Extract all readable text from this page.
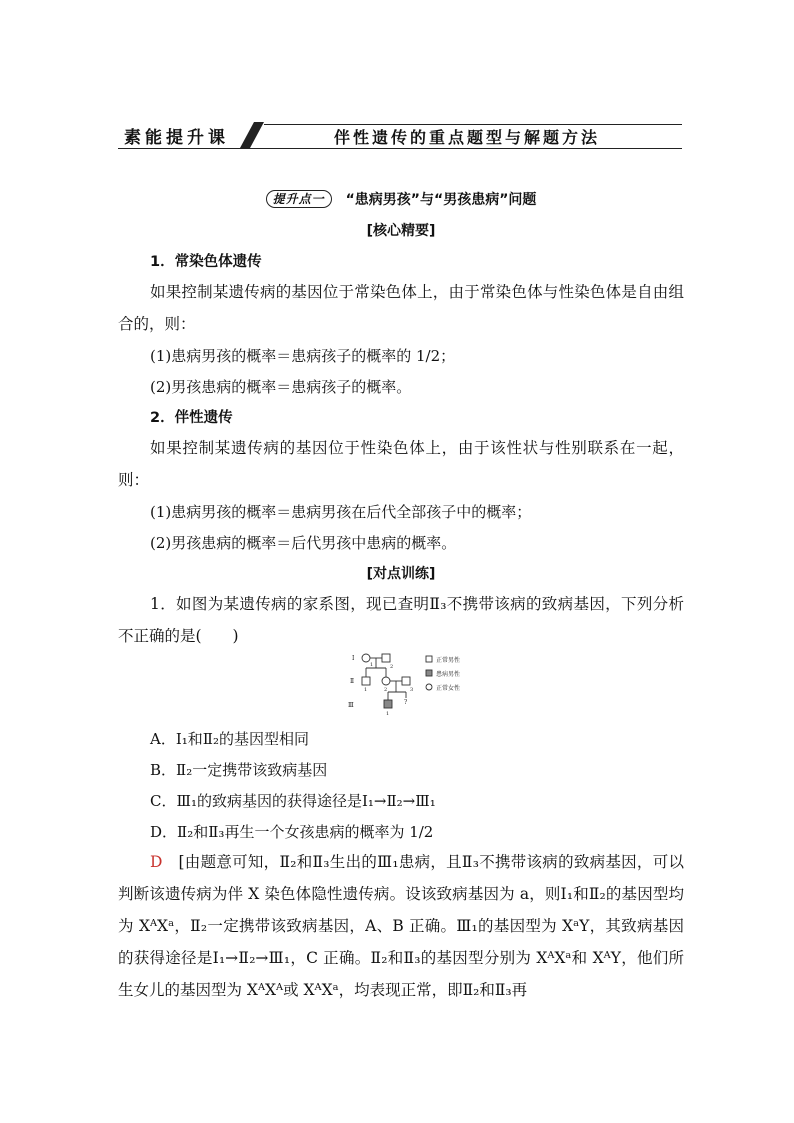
素能提升课	伴性遗传的重点题型与解题方法
提升点一 “患病男孩”与“男孩患病”问题
[核心精要]
1．常染色体遗传
如果控制某遗传病的基因位于常染色体上，由于常染色体与性染色体是自由组合的，则：
(1)患病男孩的概率＝患病孩子的概率的 1/2；
(2)男孩患病的概率＝患病孩子的概率。
2．伴性遗传
如果控制某遗传病的基因位于性染色体上，由于该性状与性别联系在一起，则：
(1)患病男孩的概率＝患病男孩在后代全部孩子中的概率；
(2)男孩患病的概率＝后代男孩中患病的概率。
[对点训练]
1．如图为某遗传病的家系图，现已查明Ⅱ₃不携带该病的致病基因，下列分析不正确的是(　　)
Ⅰ
Ⅱ
Ⅲ
1	2
1	2	3
1
?
正常男性
患病男性
正常女性
A．Ⅰ₁和Ⅱ₂的基因型相同
B．Ⅱ₂一定携带该致病基因
C．Ⅲ₁的致病基因的获得途径是Ⅰ₁→Ⅱ₂→Ⅲ₁
D．Ⅱ₂和Ⅱ₃再生一个女孩患病的概率为 1/2
D　 [由题意可知，Ⅱ₂和Ⅱ₃生出的Ⅲ₁患病，且Ⅱ₃不携带该病的致病基因，可以判断该遗传病为伴 X 染色体隐性遗传病。设该致病基因为 a，则Ⅰ₁和Ⅱ₂的基因型均为 XᴬXᵃ，Ⅱ₂一定携带该致病基因，A、B 正确。Ⅲ₁的基因型为 XᵃY，其致病基因的获得途径是Ⅰ₁→Ⅱ₂→Ⅲ₁，C 正确。Ⅱ₂和Ⅱ₃的基因型分别为 XᴬXᵃ和 XᴬY，他们所生女儿的基因型为 XᴬXᴬ或 XᴬXᵃ，均表现正常，即Ⅱ₂和Ⅱ₃再
